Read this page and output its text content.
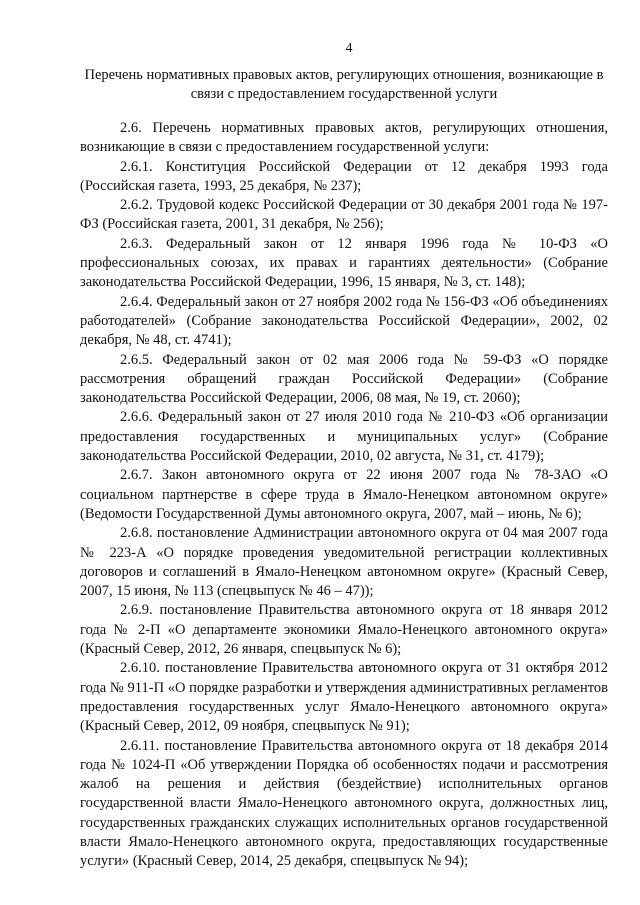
4
Перечень нормативных правовых актов, регулирующих отношения, возникающие в связи с предоставлением государственной услуги

2.6. Перечень нормативных правовых актов, регулирующих отношения, возникающие в связи с предоставлением государственной услуги:

2.6.1. Конституция Российской Федерации от 12 декабря 1993 года (Российская газета, 1993, 25 декабря, № 237);

2.6.2. Трудовой кодекс Российской Федерации от 30 декабря 2001 года № 197-ФЗ (Российская газета, 2001, 31 декабря, № 256);

2.6.3. Федеральный закон от 12 января 1996 года № 10-ФЗ «О профессиональных союзах, их правах и гарантиях деятельности» (Собрание законодательства Российской Федерации, 1996, 15 января, № 3, ст. 148);

2.6.4. Федеральный закон от 27 ноября 2002 года № 156-ФЗ «Об объединениях работодателей» (Собрание законодательства Российской Федерации», 2002, 02 декабря, № 48, ст. 4741);

2.6.5. Федеральный закон от 02 мая 2006 года № 59-ФЗ «О порядке рассмотрения обращений граждан Российской Федерации» (Собрание законодательства Российской Федерации, 2006, 08 мая, № 19, ст. 2060);

2.6.6. Федеральный закон от 27 июля 2010 года № 210-ФЗ «Об организации предоставления государственных и муниципальных услуг» (Собрание законодательства Российской Федерации, 2010, 02 августа, № 31, ст. 4179);

2.6.7. Закон автономного округа от 22 июня 2007 года № 78-ЗАО «О социальном партнерстве в сфере труда в Ямало-Ненецком автономном округе» (Ведомости Государственной Думы автономного округа, 2007, май – июнь, № 6);

2.6.8. постановление Администрации автономного округа от 04 мая 2007 года № 223-А «О порядке проведения уведомительной регистрации коллективных договоров и соглашений в Ямало-Ненецком автономном округе» (Красный Север, 2007, 15 июня, № 113 (спецвыпуск № 46 – 47));

2.6.9. постановление Правительства автономного округа от 18 января 2012 года № 2-П «О департаменте экономики Ямало-Ненецкого автономного округа» (Красный Север, 2012, 26 января, спецвыпуск № 6);

2.6.10. постановление Правительства автономного округа от 31 октября 2012 года № 911-П «О порядке разработки и утверждения административных регламентов предоставления государственных услуг Ямало-Ненецкого автономного округа» (Красный Север, 2012, 09 ноября, спецвыпуск № 91);

2.6.11. постановление Правительства автономного округа от 18 декабря 2014 года № 1024-П «Об утверждении Порядка об особенностях подачи и рассмотрения жалоб на решения и действия (бездействие) исполнительных органов государственной власти Ямало-Ненецкого автономного округа, должностных лиц, государственных гражданских служащих исполнительных органов государственной власти Ямало-Ненецкого автономного округа, предоставляющих государственные услуги» (Красный Север, 2014, 25 декабря, спецвыпуск № 94);
